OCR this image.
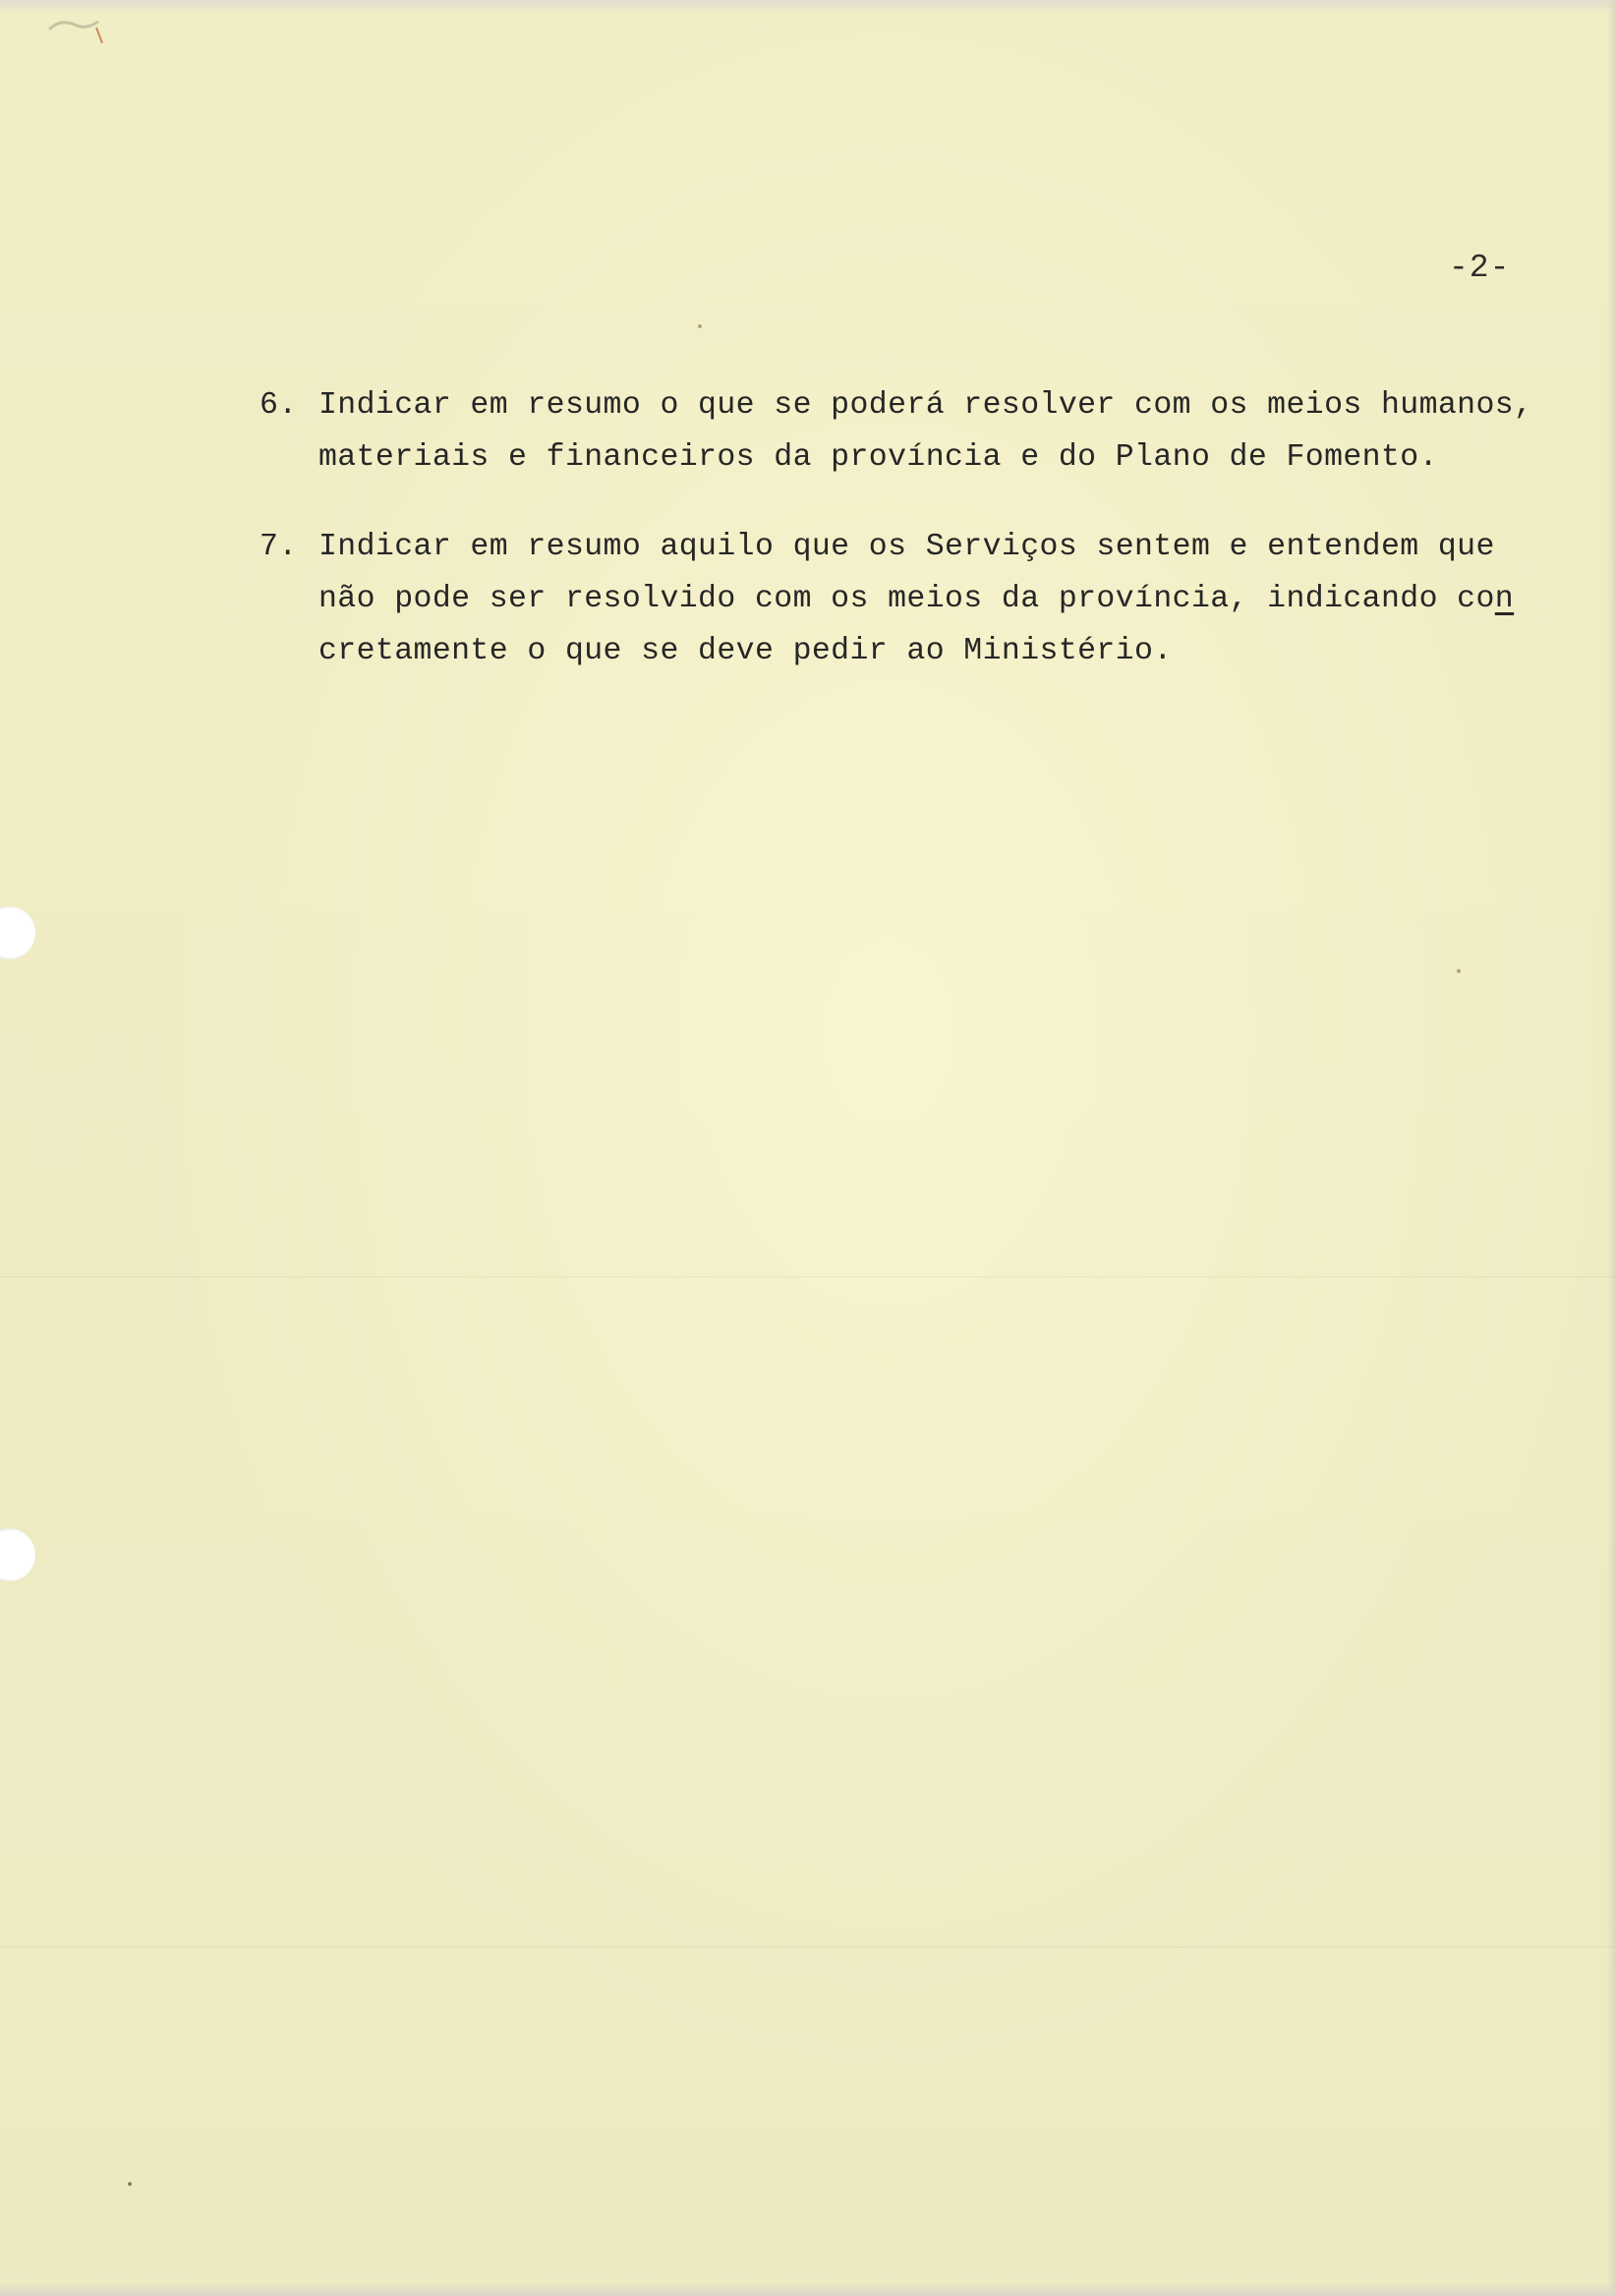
-2-
6. Indicar em resumo o que se poderá resolver com os meios humanos,
materiais e financeiros da província e do Plano de Fomento.
7. Indicar em resumo aquilo que os Serviços sentem e entendem que
não pode ser resolvido com os meios da província, indicando con
cretamente o que se deve pedir ao Ministério.
